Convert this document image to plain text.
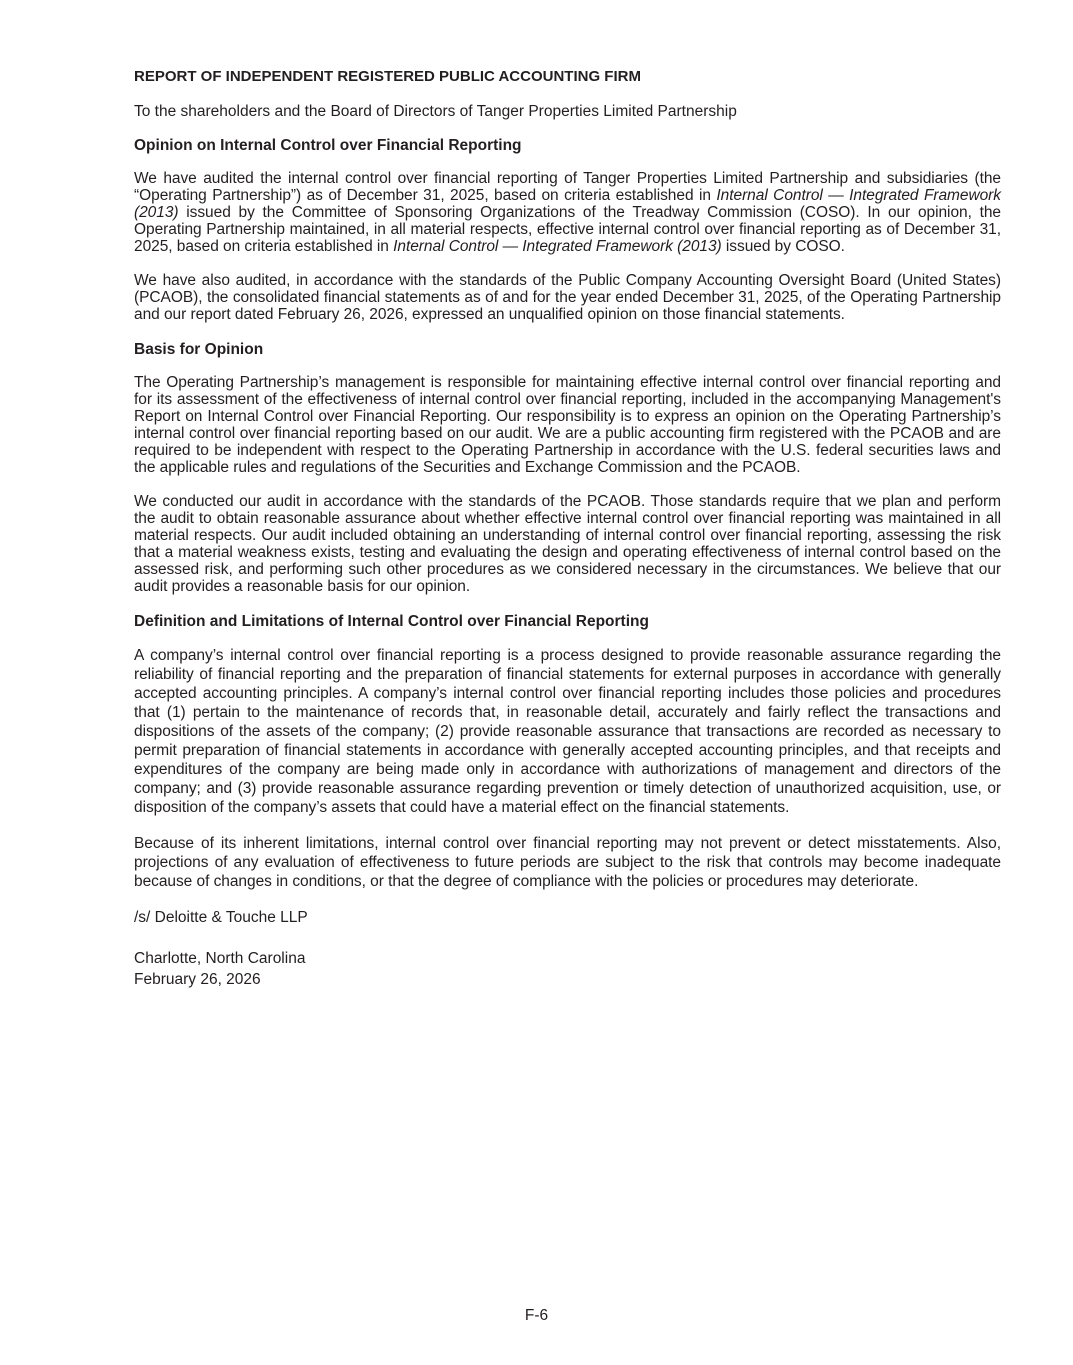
REPORT OF INDEPENDENT REGISTERED PUBLIC ACCOUNTING FIRM
To the shareholders and the Board of Directors of Tanger Properties Limited Partnership
Opinion on Internal Control over Financial Reporting

We have audited the internal control over financial reporting of Tanger Properties Limited Partnership and subsidiaries (the “Operating Partnership”) as of December 31, 2025, based on criteria established in Internal Control — Integrated Framework (2013) issued by the Committee of Sponsoring Organizations of the Treadway Commission (COSO). In our opinion, the Operating Partnership maintained, in all material respects, effective internal control over financial reporting as of December 31, 2025, based on criteria established in Internal Control — Integrated Framework (2013) issued by COSO.

We have also audited, in accordance with the standards of the Public Company Accounting Oversight Board (United States) (PCAOB), the consolidated financial statements as of and for the year ended December 31, 2025, of the Operating Partnership and our report dated February 26, 2026, expressed an unqualified opinion on those financial statements.

Basis for Opinion

The Operating Partnership’s management is responsible for maintaining effective internal control over financial reporting and for its assessment of the effectiveness of internal control over financial reporting, included in the accompanying Management's Report on Internal Control over Financial Reporting. Our responsibility is to express an opinion on the Operating Partnership’s internal control over financial reporting based on our audit. We are a public accounting firm registered with the PCAOB and are required to be independent with respect to the Operating Partnership in accordance with the U.S. federal securities laws and the applicable rules and regulations of the Securities and Exchange Commission and the PCAOB.

We conducted our audit in accordance with the standards of the PCAOB. Those standards require that we plan and perform the audit to obtain reasonable assurance about whether effective internal control over financial reporting was maintained in all material respects. Our audit included obtaining an understanding of internal control over financial reporting, assessing the risk that a material weakness exists, testing and evaluating the design and operating effectiveness of internal control based on the assessed risk, and performing such other procedures as we considered necessary in the circumstances. We believe that our audit provides a reasonable basis for our opinion.

Definition and Limitations of Internal Control over Financial Reporting

A company’s internal control over financial reporting is a process designed to provide reasonable assurance regarding the reliability of financial reporting and the preparation of financial statements for external purposes in accordance with generally accepted accounting principles. A company’s internal control over financial reporting includes those policies and procedures that (1) pertain to the maintenance of records that, in reasonable detail, accurately and fairly reflect the transactions and dispositions of the assets of the company; (2) provide reasonable assurance that transactions are recorded as necessary to permit preparation of financial statements in accordance with generally accepted accounting principles, and that receipts and expenditures of the company are being made only in accordance with authorizations of management and directors of the company; and (3) provide reasonable assurance regarding prevention or timely detection of unauthorized acquisition, use, or disposition of the company’s assets that could have a material effect on the financial statements.

Because of its inherent limitations, internal control over financial reporting may not prevent or detect misstatements. Also, projections of any evaluation of effectiveness to future periods are subject to the risk that controls may become inadequate because of changes in conditions, or that the degree of compliance with the policies or procedures may deteriorate.

/s/ Deloitte & Touche LLP
Charlotte, North Carolina
February 26, 2026
F-6
